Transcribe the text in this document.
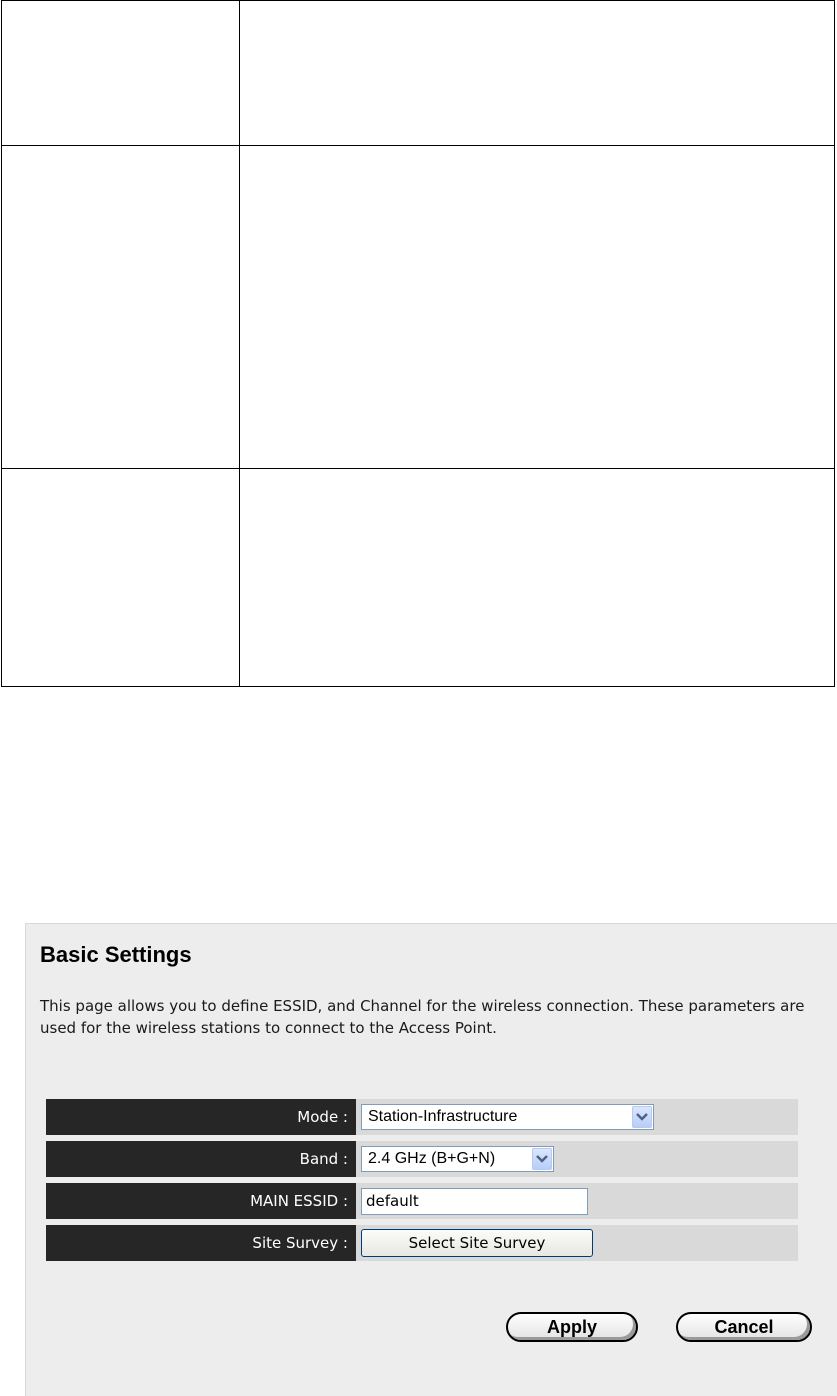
Basic Settings
This page allows you to define ESSID, and Channel for the wireless connection. These parameters are used for the wireless stations to connect to the Access Point.
Mode :	Station-Infrastructure
Band :	2.4 GHz (B+G+N)
MAIN ESSID :	default
Site Survey :	Select Site Survey
Apply	Cancel
